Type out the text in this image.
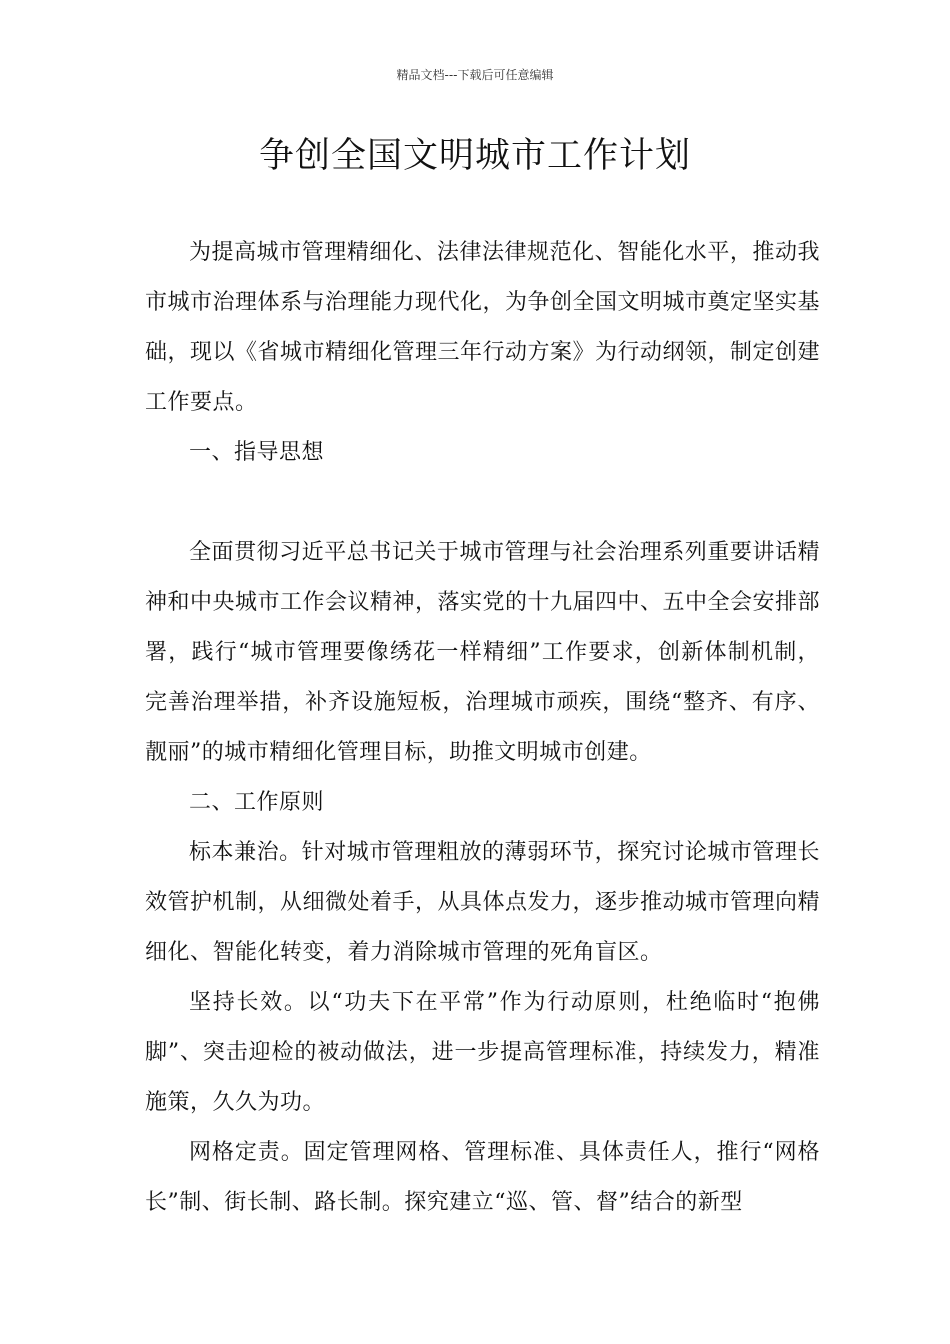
精品文档---下载后可任意编辑
争创全国文明城市工作计划

为提高城市管理精细化、法律法律规范化、智能化水平，推动我市城市治理体系与治理能力现代化，为争创全国文明城市奠定坚实基础，现以《省城市精细化管理三年行动方案》为行动纲领，制定创建工作要点。

一、指导思想

全面贯彻习近平总书记关于城市管理与社会治理系列重要讲话精神和中央城市工作会议精神，落实党的十九届四中、五中全会安排部署，践行“城市管理要像绣花一样精细”工作要求，创新体制机制，完善治理举措，补齐设施短板，治理城市顽疾，围绕“整齐、有序、靓丽”的城市精细化管理目标，助推文明城市创建。

二、工作原则

标本兼治。针对城市管理粗放的薄弱环节，探究讨论城市管理长效管护机制，从细微处着手，从具体点发力，逐步推动城市管理向精细化、智能化转变，着力消除城市管理的死角盲区。

坚持长效。以“功夫下在平常”作为行动原则，杜绝临时“抱佛脚”、突击迎检的被动做法，进一步提高管理标准，持续发力，精准施策，久久为功。

网格定责。固定管理网格、管理标准、具体责任人，推行“网格长”制、街长制、路长制。探究建立“巡、管、督”结合的新型
